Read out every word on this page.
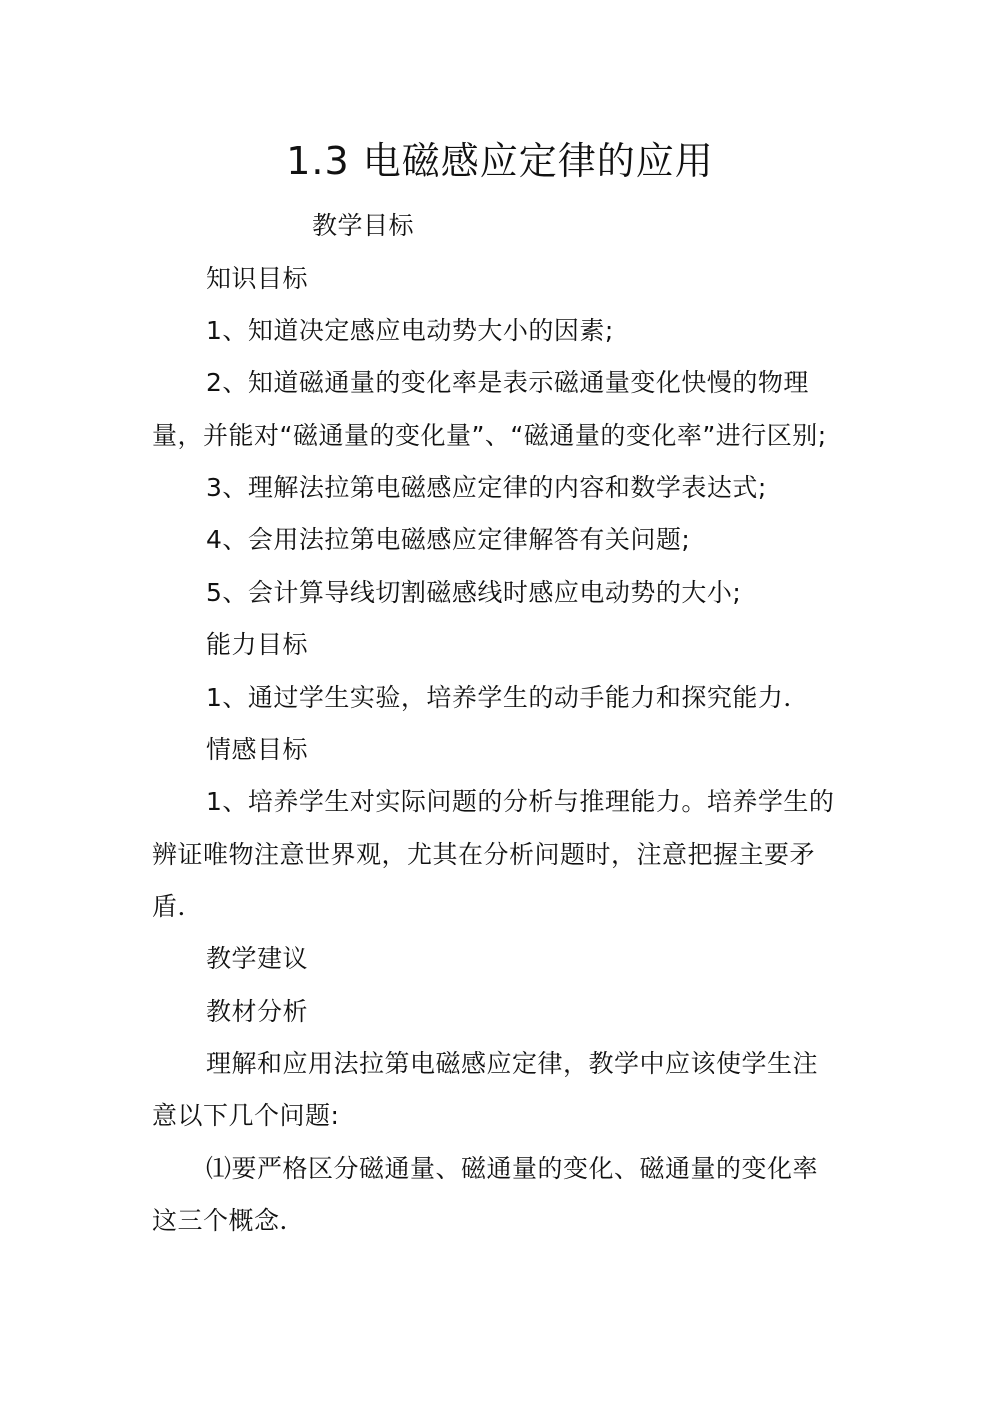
1.3 电磁感应定律的应用
教学目标
知识目标
1、知道决定感应电动势大小的因素;
2、知道磁通量的变化率是表示磁通量变化快慢的物理
量，并能对“磁通量的变化量”、“磁通量的变化率”进行区别;
3、理解法拉第电磁感应定律的内容和数学表达式;
4、会用法拉第电磁感应定律解答有关问题;
5、会计算导线切割磁感线时感应电动势的大小;
能力目标
1、通过学生实验，培养学生的动手能力和探究能力．
情感目标
1、培养学生对实际问题的分析与推理能力。培养学生的
辨证唯物注意世界观，尤其在分析问题时，注意把握主要矛
盾．
教学建议
教材分析
理解和应用法拉第电磁感应定律，教学中应该使学生注
意以下几个问题:
⑴要严格区分磁通量、磁通量的变化、磁通量的变化率
这三个概念．
